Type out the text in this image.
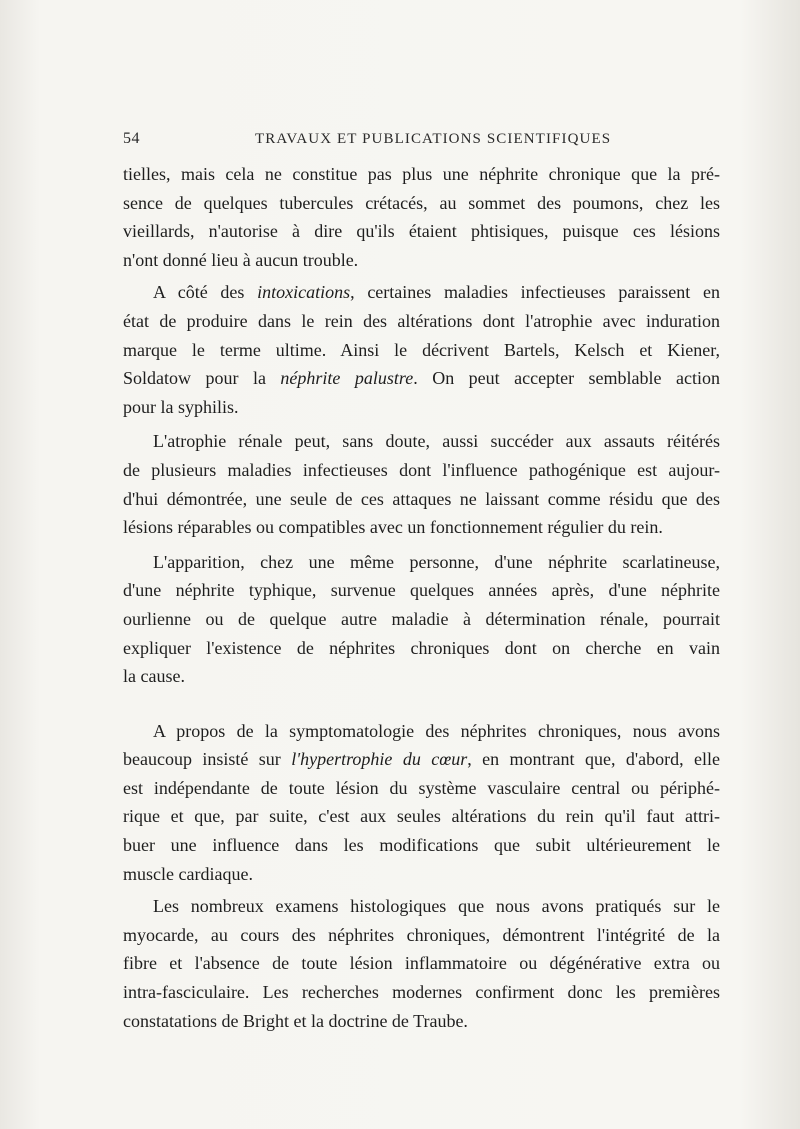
54	TRAVAUX ET PUBLICATIONS SCIENTIFIQUES

tielles, mais cela ne constitue pas plus une néphrite chronique que la pré-
sence de quelques tubercules crétacés, au sommet des poumons, chez les
vieillards, n'autorise à dire qu'ils étaient phtisiques, puisque ces lésions
n'ont donné lieu à aucun trouble.

A côté des intoxications, certaines maladies infectieuses paraissent en
état de produire dans le rein des altérations dont l'atrophie avec induration
marque le terme ultime. Ainsi le décrivent Bartels, Kelsch et Kiener,
Soldatow pour la néphrite palustre. On peut accepter semblable action
pour la syphilis.

L'atrophie rénale peut, sans doute, aussi succéder aux assauts réitérés
de plusieurs maladies infectieuses dont l'influence pathogénique est aujour-
d'hui démontrée, une seule de ces attaques ne laissant comme résidu que des
lésions réparables ou compatibles avec un fonctionnement régulier du rein.

L'apparition, chez une même personne, d'une néphrite scarlatineuse,
d'une néphrite typhique, survenue quelques années après, d'une néphrite
ourlienne ou de quelque autre maladie à détermination rénale, pourrait
expliquer l'existence de néphrites chroniques dont on cherche en vain
la cause.

A propos de la symptomatologie des néphrites chroniques, nous avons
beaucoup insisté sur l'hypertrophie du cœur, en montrant que, d'abord, elle
est indépendante de toute lésion du système vasculaire central ou périphé-
rique et que, par suite, c'est aux seules altérations du rein qu'il faut attri-
buer une influence dans les modifications que subit ultérieurement le
muscle cardiaque.

Les nombreux examens histologiques que nous avons pratiqués sur le
myocarde, au cours des néphrites chroniques, démontrent l'intégrité de la
fibre et l'absence de toute lésion inflammatoire ou dégénérative extra ou
intra-fasciculaire. Les recherches modernes confirment donc les premières
constatations de Bright et la doctrine de Traube.
